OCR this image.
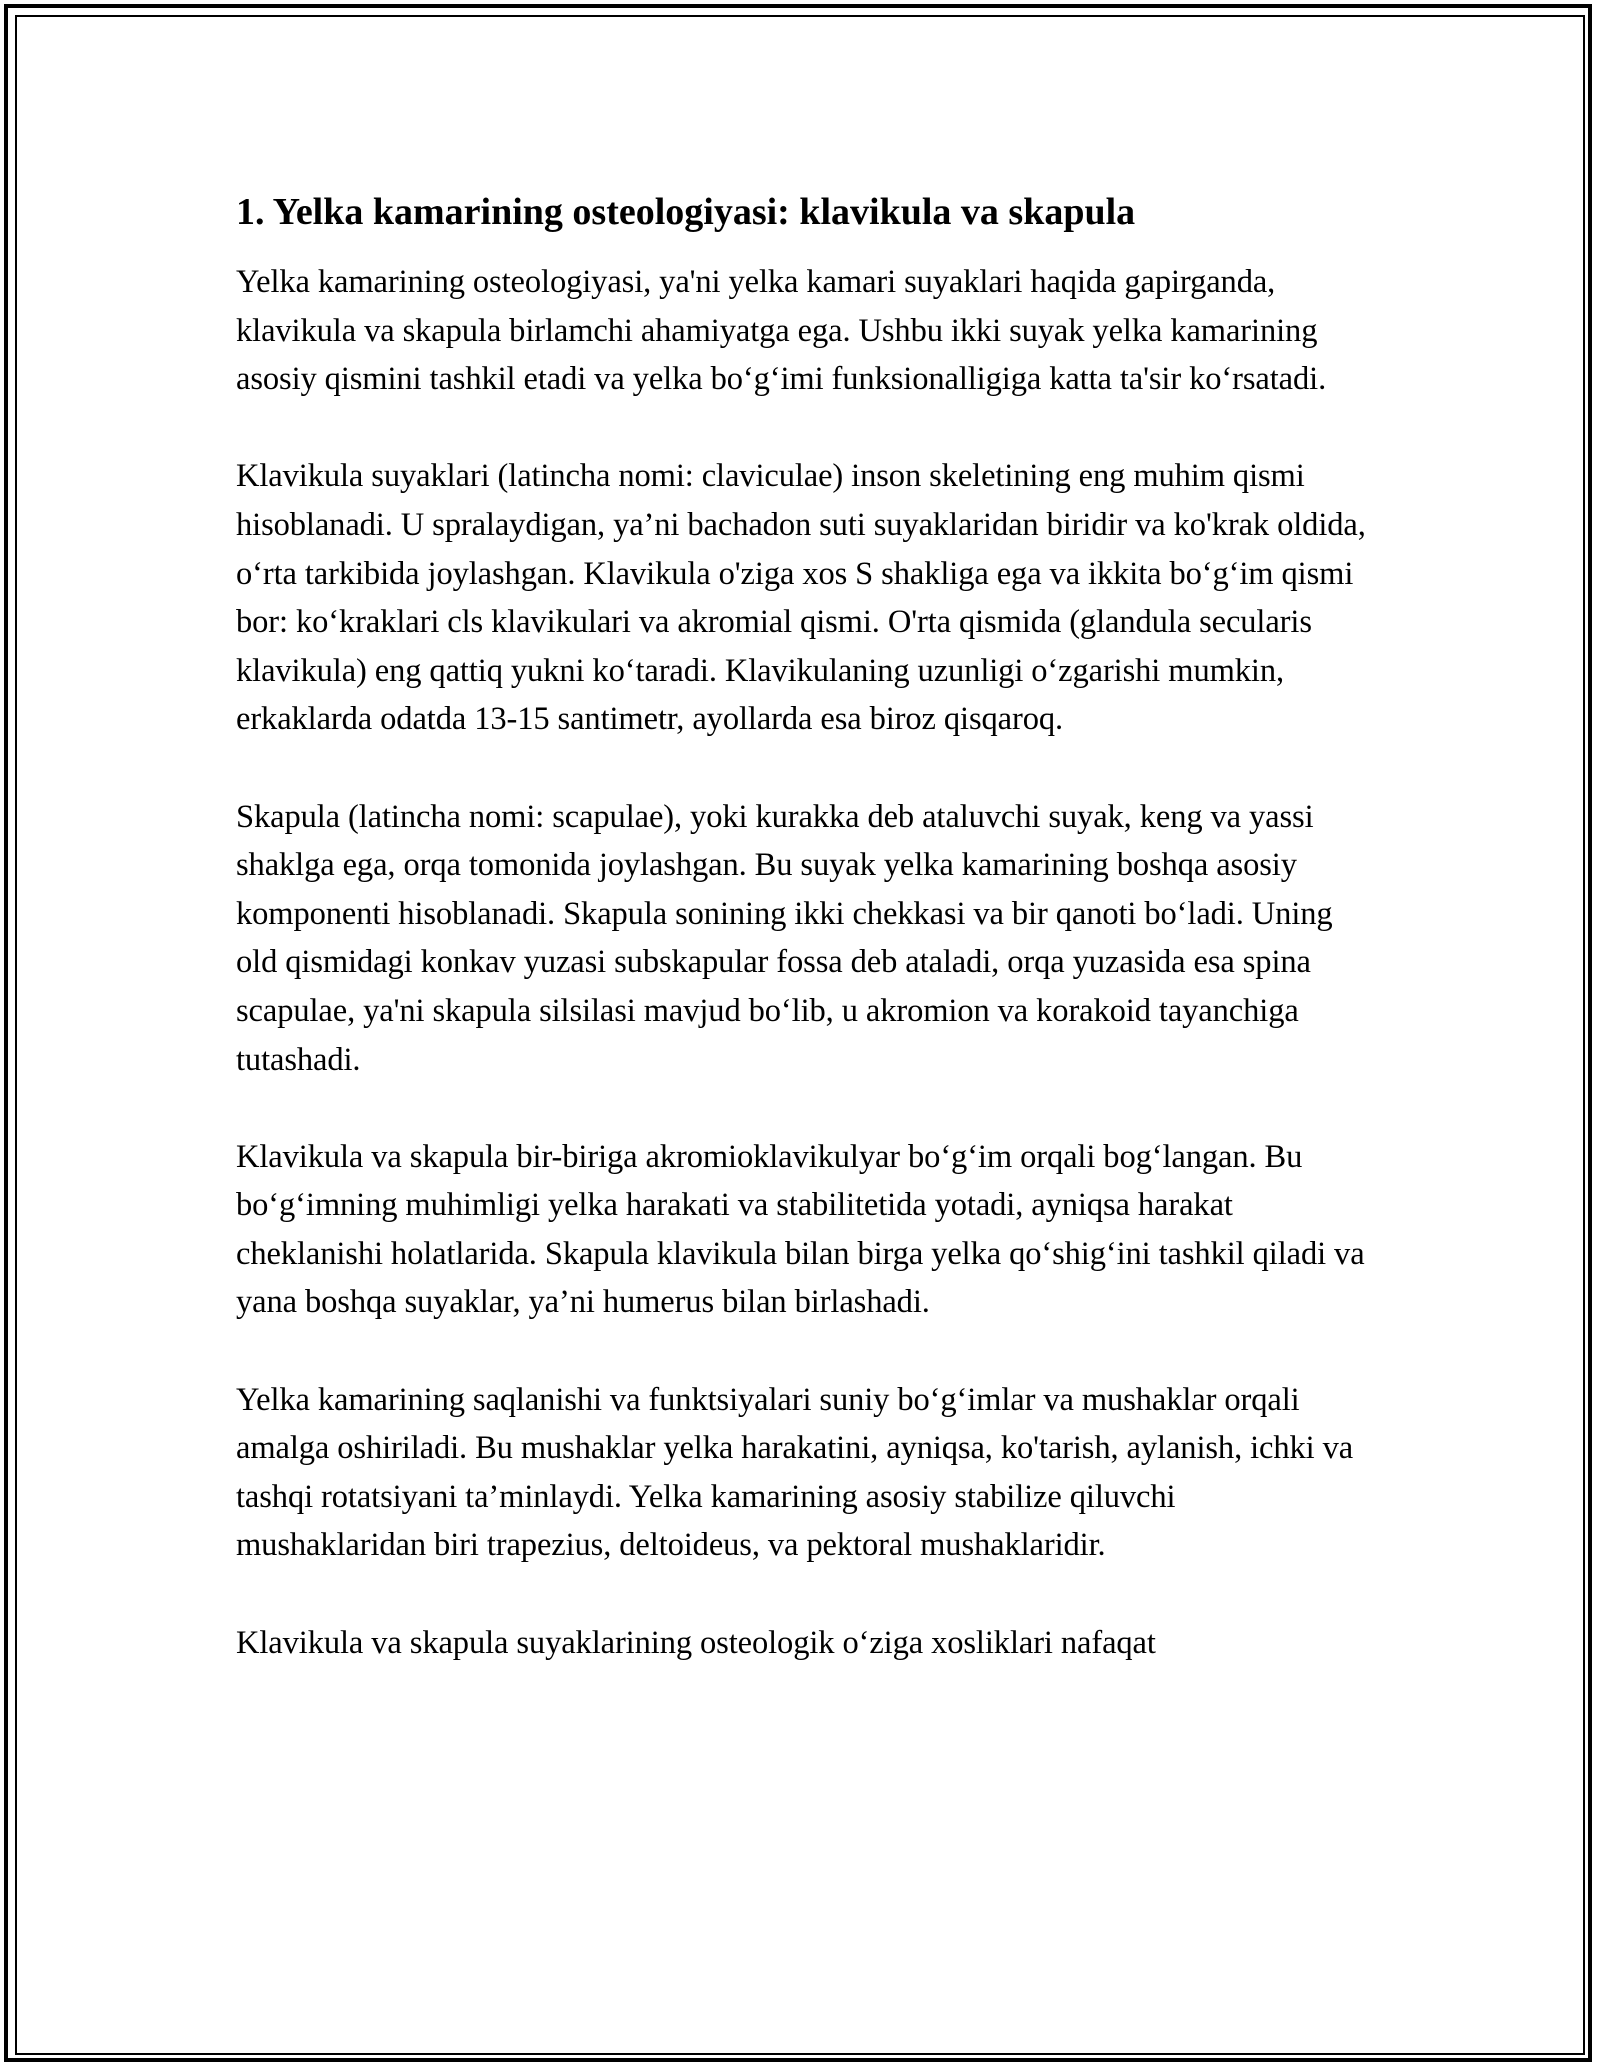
1. Yelka kamarining osteologiyasi: klavikula va skapula

Yelka kamarining osteologiyasi, ya'ni yelka kamari suyaklari haqida gapirganda, klavikula va skapula birlamchi ahamiyatga ega. Ushbu ikki suyak yelka kamarining asosiy qismini tashkil etadi va yelka bo‘g‘imi funksionalligiga katta ta'sir ko‘rsatadi.

Klavikula suyaklari (latincha nomi: claviculae) inson skeletining eng muhim qismi hisoblanadi. U spralaydigan, ya’ni bachadon suti suyaklaridan biridir va ko'krak oldida, o‘rta tarkibida joylashgan. Klavikula o'ziga xos S shakliga ega va ikkita bo‘g‘im qismi bor: ko‘kraklari cls klavikulari va akromial qismi. O'rta qismida (glandula secularis klavikula) eng qattiq yukni ko‘taradi. Klavikulaning uzunligi o‘zgarishi mumkin, erkaklarda odatda 13-15 santimetr, ayollarda esa biroz qisqaroq.

Skapula (latincha nomi: scapulae), yoki kurakka deb ataluvchi suyak, keng va yassi shaklga ega, orqa tomonida joylashgan. Bu suyak yelka kamarining boshqa asosiy komponenti hisoblanadi. Skapula sonining ikki chekkasi va bir qanoti bo‘ladi. Uning old qismidagi konkav yuzasi subskapular fossa deb ataladi, orqa yuzasida esa spina scapulae, ya'ni skapula silsilasi mavjud bo‘lib, u akromion va korakoid tayanchiga tutashadi.

Klavikula va skapula bir-biriga akromioklavikulyar bo‘g‘im orqali bog‘langan. Bu bo‘g‘imning muhimligi yelka harakati va stabilitetida yotadi, ayniqsa harakat cheklanishi holatlarida. Skapula klavikula bilan birga yelka qo‘shig‘ini tashkil qiladi va yana boshqa suyaklar, ya’ni humerus bilan birlashadi.

Yelka kamarining saqlanishi va funktsiyalari suniy bo‘g‘imlar va mushaklar orqali amalga oshiriladi. Bu mushaklar yelka harakatini, ayniqsa, ko'tarish, aylanish, ichki va tashqi rotatsiyani ta’minlaydi. Yelka kamarining asosiy stabilize qiluvchi mushaklaridan biri trapezius, deltoideus, va pektoral mushaklaridir.

Klavikula va skapula suyaklarining osteologik o‘ziga xosliklari nafaqat
